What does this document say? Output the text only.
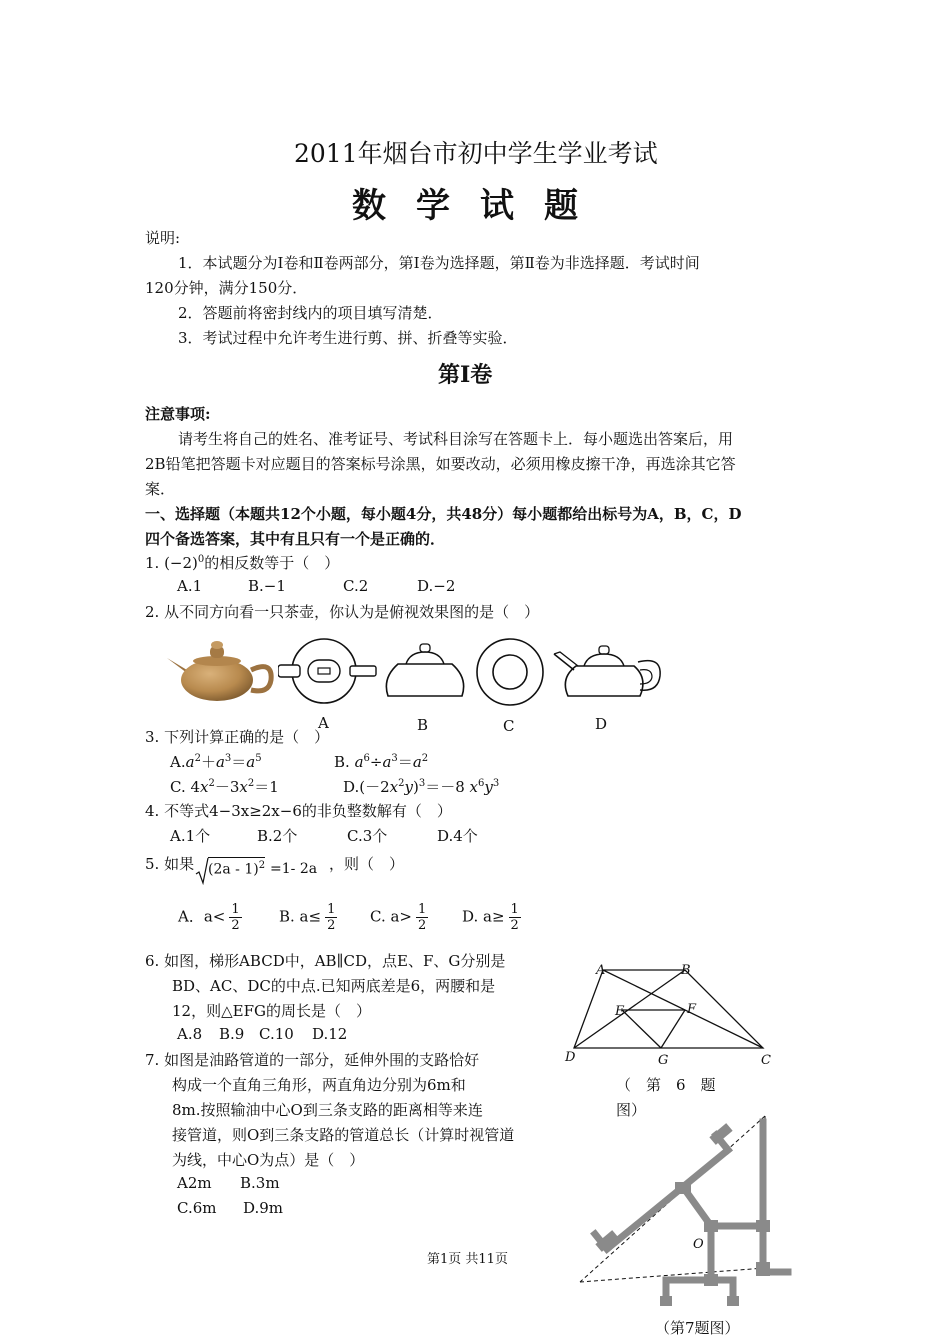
2011年烟台市初中学生学业考试
数学试题
说明:
1．本试题分为Ⅰ卷和Ⅱ卷两部分，第Ⅰ卷为选择题，第Ⅱ卷为非选择题．考试时间
120分钟，满分150分．
2．答题前将密封线内的项目填写清楚．
3．考试过程中允许考生进行剪、拼、折叠等实验．
第Ⅰ卷
注意事项:
请考生将自己的姓名、准考证号、考试科目涂写在答题卡上．每小题选出答案后，用
2B铅笔把答题卡对应题目的答案标号涂黑，如要改动，必须用橡皮擦干净，再选涂其它答
案．
一、选择题（本题共12个小题，每小题4分，共48分）每小题都给出标号为A，B，C，D
四个备选答案，其中有且只有一个是正确的．
1. $(-2)^0$的相反数等于（　）
A.1	B.−1	C.2	D.−2
2. 从不同方向看一只茶壶，你认为是俯视效果图的是（　）
A	B	C	D
3. 下列计算正确的是（　）
$A.a^2+a^3=a^5$	B. $a^6\div a^3=a^2$
C. $4x^2-3x^2=1$	$D.(-2x^2y)^3=-8$ $x^6y^3$
4. 不等式4−3x≥2x−6的非负整数解有（　）
A.1个	B.2个	C.3个	D.4个
5. 如果 (2a - 1)$^2$ =1- 2a ，则（　）
A．$a< \frac{1}{2} B$. $a\le \frac{1}{2} C$. $a> \frac{1}{2} D$. $a\ge \frac{1}{2}$
6. 如图，梯形ABCD中，AB∥CD，点E、F、G分别是
BD、AC、DC的中点.已知两底差是6，两腰和是
12，则△EFG的周长是（　）
A.8 B.9 C.10 D.12
A	B
C
D
E	F
G
（　第　6　题
图）
7. 如图是油路管道的一部分，延伸外围的支路恰好
构成一个直角三角形，两直角边分别为6m和
8m.按照输油中心O到三条支路的距离相等来连
接管道，则O到三条支路的管道总长（计算时视管道
为线，中心O为点）是（　）
A2m B.3m
C.6m D.9m
O
（第7题图）
第1页 共11页
